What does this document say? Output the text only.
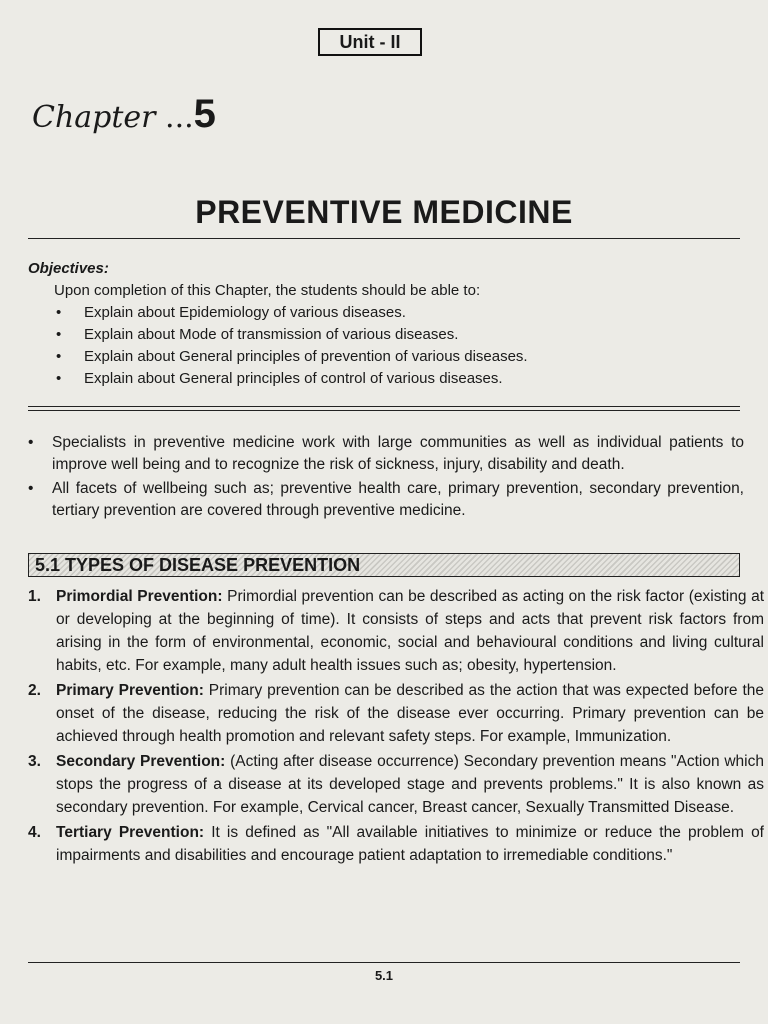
Unit - II
Chapter ...5
PREVENTIVE MEDICINE
Objectives:
Upon completion of this Chapter, the students should be able to:
• Explain about Epidemiology of various diseases.
• Explain about Mode of transmission of various diseases.
• Explain about General principles of prevention of various diseases.
• Explain about General principles of control of various diseases.
• Specialists in preventive medicine work with large communities as well as individual patients to improve well being and to recognize the risk of sickness, injury, disability and death.
• All facets of wellbeing such as; preventive health care, primary prevention, secondary prevention, tertiary prevention are covered through preventive medicine.
5.1 TYPES OF DISEASE PREVENTION
1. Primordial Prevention: Primordial prevention can be described as acting on the risk factor (existing at or developing at the beginning of time). It consists of steps and acts that prevent risk factors from arising in the form of environmental, economic, social and behavioural conditions and living cultural habits, etc. For example, many adult health issues such as; obesity, hypertension.
2. Primary Prevention: Primary prevention can be described as the action that was expected before the onset of the disease, reducing the risk of the disease ever occurring. Primary prevention can be achieved through health promotion and relevant safety steps. For example, Immunization.
3. Secondary Prevention: (Acting after disease occurrence) Secondary prevention means "Action which stops the progress of a disease at its developed stage and prevents problems." It is also known as secondary prevention. For example, Cervical cancer, Breast cancer, Sexually Transmitted Disease.
4. Tertiary Prevention: It is defined as "All available initiatives to minimize or reduce the problem of impairments and disabilities and encourage patient adaptation to irremediable conditions."
5.1
